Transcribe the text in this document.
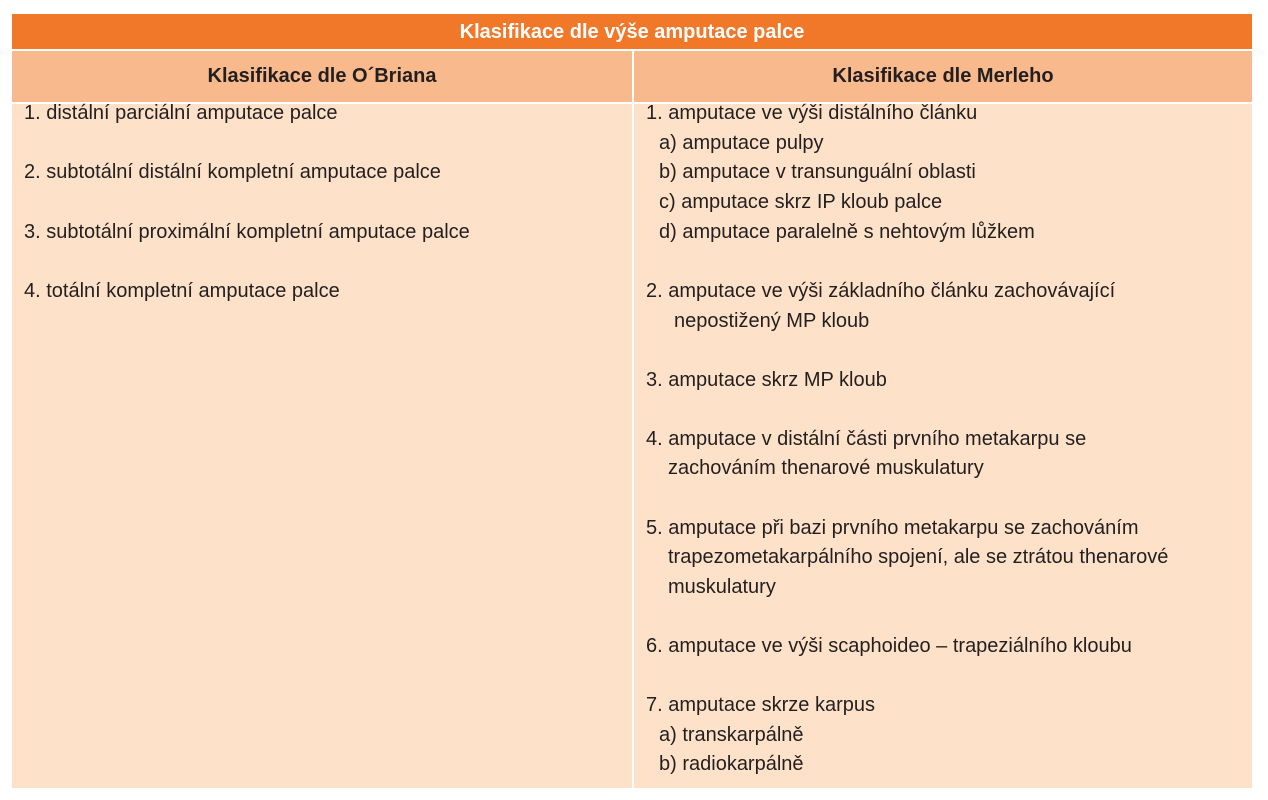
Klasifikace dle výše amputace palce
Klasifikace dle O´Briana	Klasifikace dle Merleho
1. distální parciální amputace palce
2. subtotální distální kompletní amputace palce
3. subtotální proximální kompletní amputace palce
4. totální kompletní amputace palce
1. amputace ve výši distálního článku
a) amputace pulpy
b) amputace v transunguální oblasti
c) amputace skrz IP kloub palce
d) amputace paralelně s nehtovým lůžkem
2. amputace ve výši základního článku zachovávající
nepostižený MP kloub
3. amputace skrz MP kloub
4. amputace v distální části prvního metakarpu se
zachováním thenarové muskulatury
5. amputace při bazi prvního metakarpu se zachováním
trapezometakarpálního spojení, ale se ztrátou thenarové
muskulatury
6. amputace ve výši scaphoideo – trapeziálního kloubu
7. amputace skrze karpus
a) transkarpálně
b) radiokarpálně
